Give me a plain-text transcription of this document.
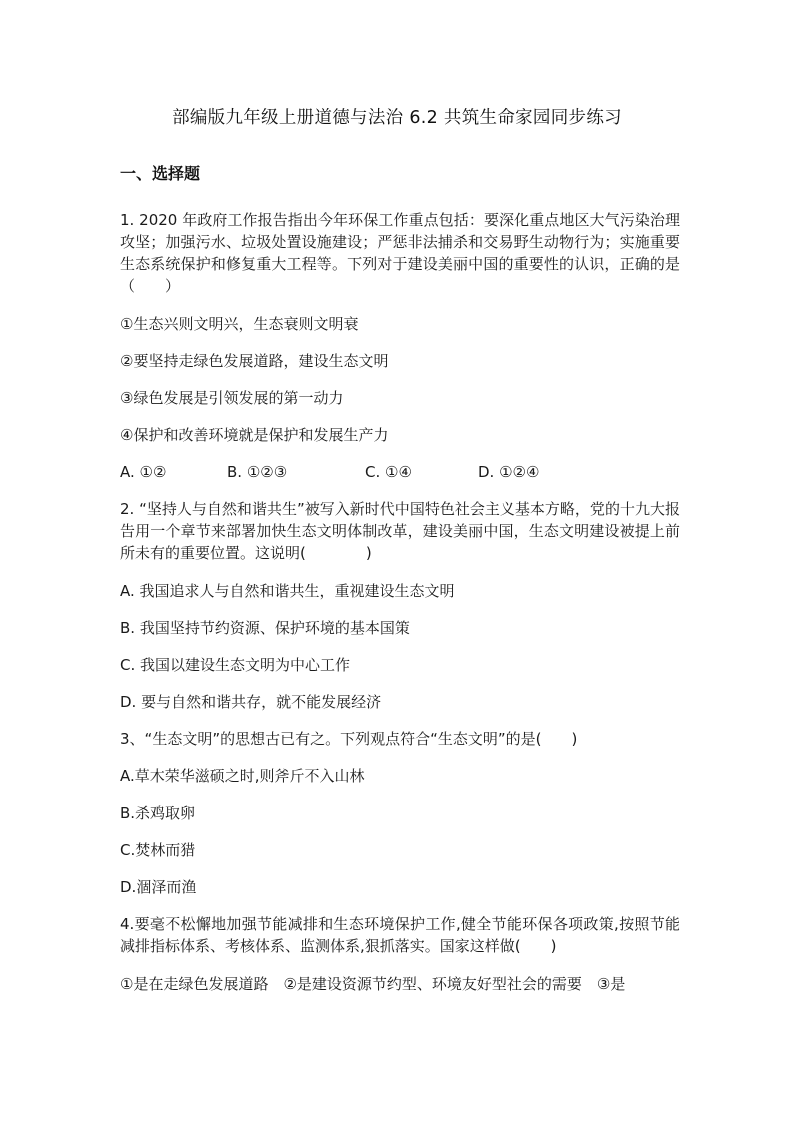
部编版九年级上册道德与法治 6.2 共筑生命家园同步练习
一、选择题
1. 2020 年政府工作报告指出今年环保工作重点包括：要深化重点地区大气污染治理攻坚；加强污水、垃圾处置设施建设；严惩非法捕杀和交易野生动物行为；实施重要生态系统保护和修复重大工程等。下列对于建设美丽中国的重要性的认识，正确的是（　　）
①生态兴则文明兴，生态衰则文明衰
②要坚持走绿色发展道路，建设生态文明
③绿色发展是引领发展的第一动力
④保护和改善环境就是保护和发展生产力
A. ①②	B. ①②③	C. ①④	D. ①②④
2. “坚持人与自然和谐共生”被写入新时代中国特色社会主义基本方略，党的十九大报告用一个章节来部署加快生态文明体制改革，建设美丽中国，生态文明建设被提上前所未有的重要位置。这说明(　　　　)
A. 我国追求人与自然和谐共生，重视建设生态文明
B. 我国坚持节约资源、保护环境的基本国策
C. 我国以建设生态文明为中心工作
D. 要与自然和谐共存，就不能发展经济
3、“生态文明”的思想古已有之。下列观点符合“生态文明”的是(　　)
A.草木荣华滋硕之时,则斧斤不入山林
B.杀鸡取卵
C.焚林而猎
D.涸泽而渔
4.要毫不松懈地加强节能减排和生态环境保护工作,健全节能环保各项政策,按照节能减排指标体系、考核体系、监测体系,狠抓落实。国家这样做(　　)
①是在走绿色发展道路　②是建设资源节约型、环境友好型社会的需要　③是
